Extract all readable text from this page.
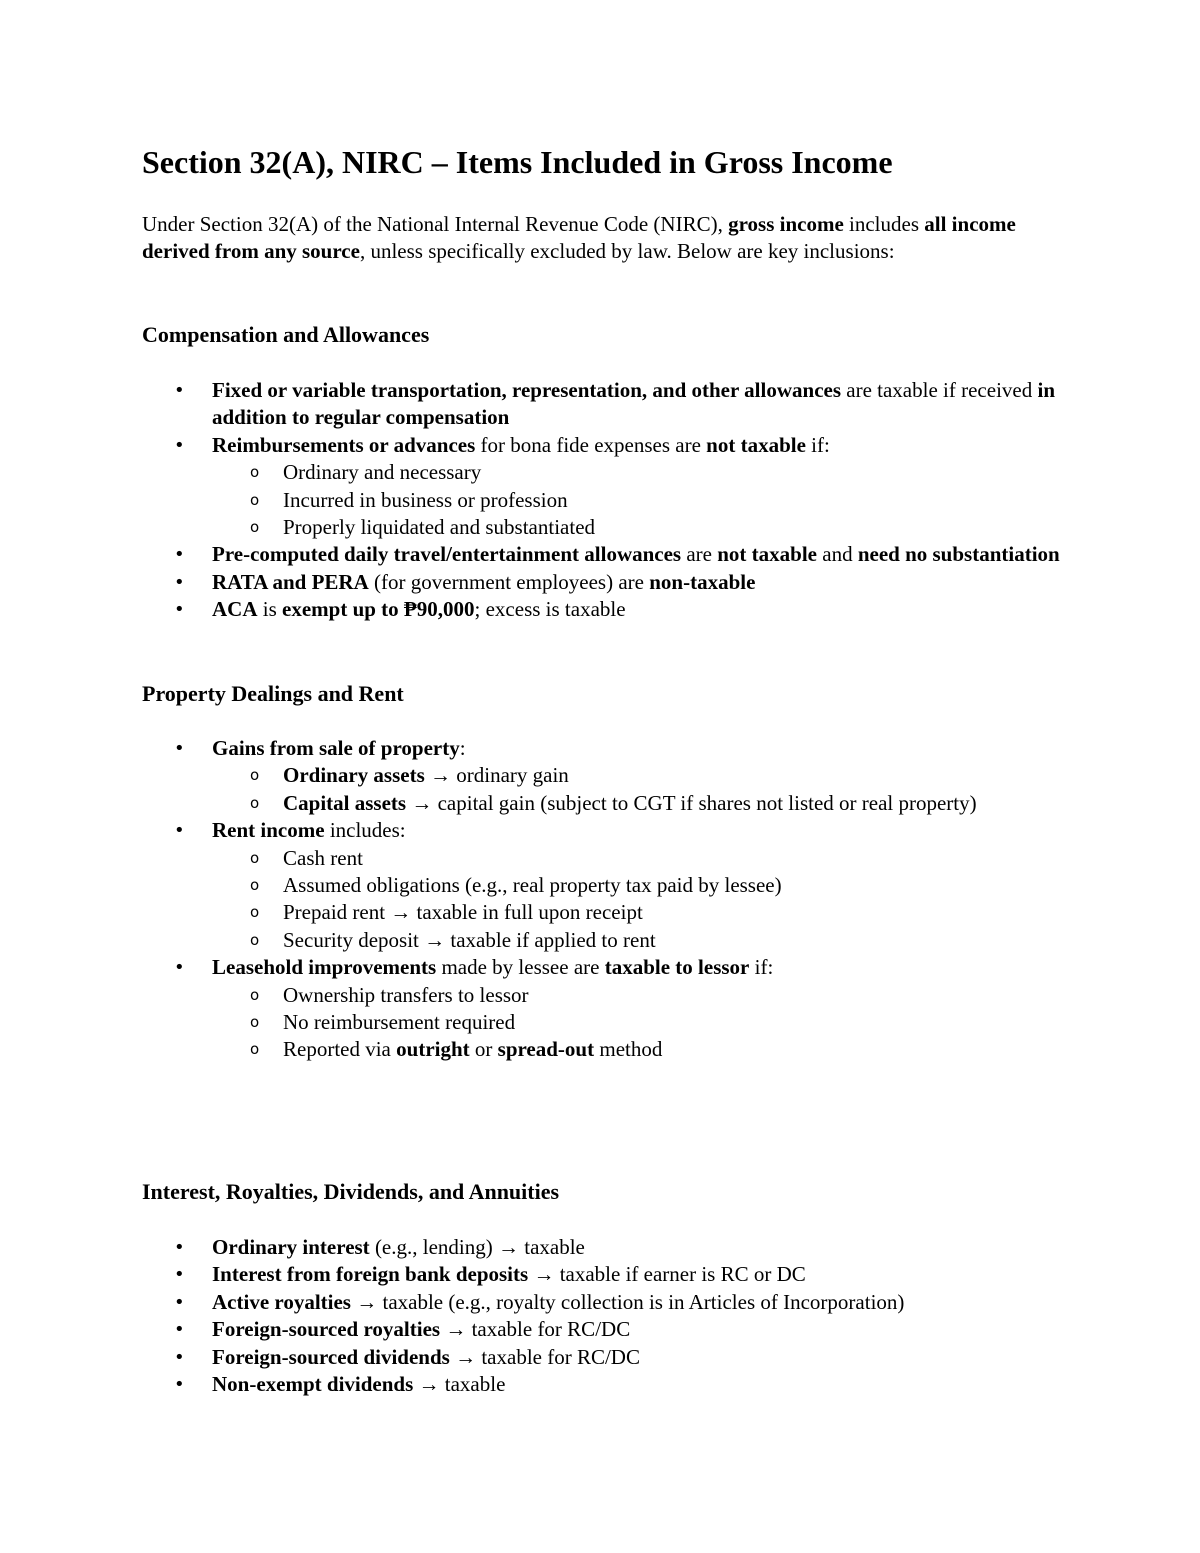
Section 32(A), NIRC – Items Included in Gross Income

Under Section 32(A) of the National Internal Revenue Code (NIRC), gross income includes all income derived from any source, unless specifically excluded by law. Below are key inclusions:

Compensation and Allowances
• Fixed or variable transportation, representation, and other allowances are taxable if received in addition to regular compensation
• Reimbursements or advances for bona fide expenses are not taxable if:
o Ordinary and necessary
o Incurred in business or profession
o Properly liquidated and substantiated
• Pre-computed daily travel/entertainment allowances are not taxable and need no substantiation
• RATA and PERA (for government employees) are non-taxable
• ACA is exempt up to ₱90,000; excess is taxable
Property Dealings and Rent
• Gains from sale of property:
o Ordinary assets → ordinary gain
o Capital assets → capital gain (subject to CGT if shares not listed or real property)
• Rent income includes:
o Cash rent
o Assumed obligations (e.g., real property tax paid by lessee)
o Prepaid rent → taxable in full upon receipt
o Security deposit → taxable if applied to rent
• Leasehold improvements made by lessee are taxable to lessor if:
o Ownership transfers to lessor
o No reimbursement required
o Reported via outright or spread-out method
Interest, Royalties, Dividends, and Annuities
• Ordinary interest (e.g., lending) → taxable
• Interest from foreign bank deposits → taxable if earner is RC or DC
• Active royalties → taxable (e.g., royalty collection is in Articles of Incorporation)
• Foreign-sourced royalties → taxable for RC/DC
• Foreign-sourced dividends → taxable for RC/DC
• Non-exempt dividends → taxable
